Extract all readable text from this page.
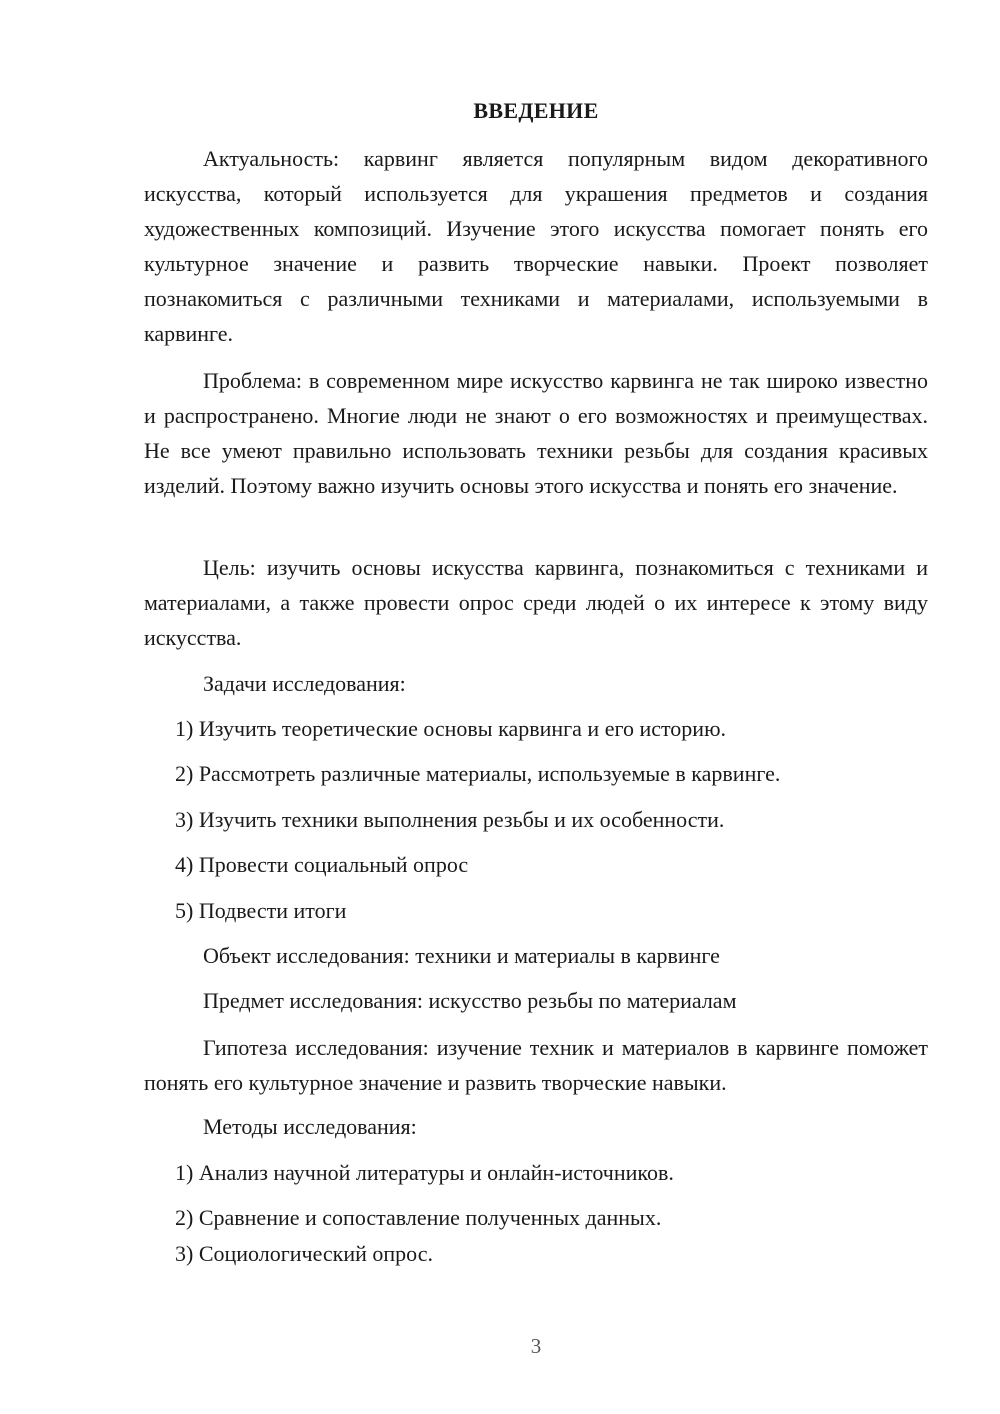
ВВЕДЕНИЕ

Актуальность: карвинг является популярным видом декоративного искусства, который используется для украшения предметов и создания художественных композиций. Изучение этого искусства помогает понять его культурное значение и развить творческие навыки. Проект позволяет познакомиться с различными техниками и материалами, используемыми в карвинге.

Проблема: в современном мире искусство карвинга не так широко известно и распространено. Многие люди не знают о его возможностях и преимуществах. Не все умеют правильно использовать техники резьбы для создания красивых изделий. Поэтому важно изучить основы этого искусства и понять его значение.

Цель: изучить основы искусства карвинга, познакомиться с техниками и материалами, а также провести опрос среди людей о их интересе к этому виду искусства.

Задачи исследования:

1) Изучить теоретические основы карвинга и его историю.

2) Рассмотреть различные материалы, используемые в карвинге.

3) Изучить техники выполнения резьбы и их особенности.

4) Провести социальный опрос

5) Подвести итоги

Объект исследования: техники и материалы в карвинге

Предмет исследования: искусство резьбы по материалам

Гипотеза исследования: изучение техник и материалов в карвинге поможет понять его культурное значение и развить творческие навыки.

Методы исследования:

1) Анализ научной литературы и онлайн-источников.

2) Сравнение и сопоставление полученных данных.

3) Социологический опрос.

3
